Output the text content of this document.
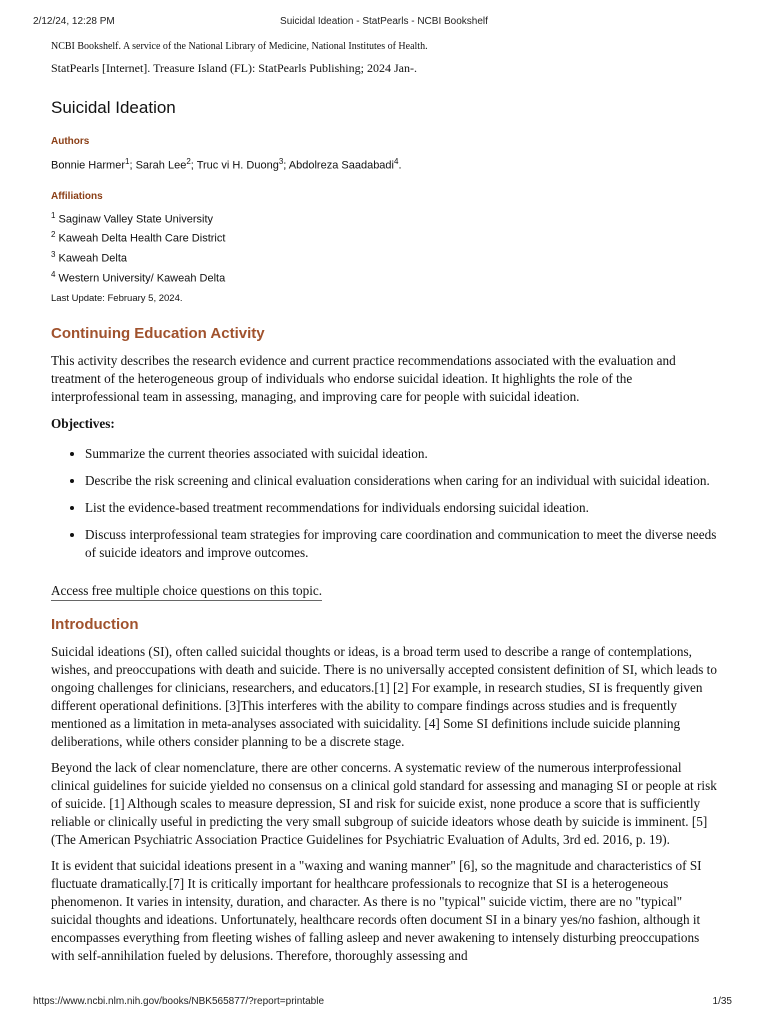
2/12/24, 12:28 PM	Suicidal Ideation - StatPearls - NCBI Bookshelf

NCBI Bookshelf. A service of the National Library of Medicine, National Institutes of Health.

StatPearls [Internet]. Treasure Island (FL): StatPearls Publishing; 2024 Jan-.

Suicidal Ideation

Authors

Bonnie Harmer$^1$; Sarah Lee$^2$; Truc vi H. Duong$^3$; Abdolreza Saadabadi$^4$.

Affiliations

$^1$ Saginaw Valley State University

$^2$ Kaweah Delta Health Care District

$^3$ Kaweah Delta

$^4$ Western University/ Kaweah Delta

Last Update: February 5, 2024.

Continuing Education Activity

This activity describes the research evidence and current practice recommendations associated with the evaluation and treatment of the heterogeneous group of individuals who endorse suicidal ideation. It highlights the role of the interprofessional team in assessing, managing, and improving care for people with suicidal ideation.

Objectives:

• Summarize the current theories associated with suicidal ideation.
• Describe the risk screening and clinical evaluation considerations when caring for an individual with suicidal ideation.
• List the evidence-based treatment recommendations for individuals endorsing suicidal ideation.
• Discuss interprofessional team strategies for improving care coordination and communication to meet the diverse needs of suicide ideators and improve outcomes.
Access free multiple choice questions on this topic.
Introduction

Suicidal ideations (SI), often called suicidal thoughts or ideas, is a broad term used to describe a range of contemplations, wishes, and preoccupations with death and suicide. There is no universally accepted consistent definition of SI, which leads to ongoing challenges for clinicians, researchers, and educators.[1] [2] For example, in research studies, SI is frequently given different operational definitions. [3]This interferes with the ability to compare findings across studies and is frequently mentioned as a limitation in meta-analyses associated with suicidality. [4] Some SI definitions include suicide planning deliberations, while others consider planning to be a discrete stage.

Beyond the lack of clear nomenclature, there are other concerns. A systematic review of the numerous interprofessional clinical guidelines for suicide yielded no consensus on a clinical gold standard for assessing and managing SI or people at risk of suicide. [1] Although scales to measure depression, SI and risk for suicide exist, none produce a score that is sufficiently reliable or clinically useful in predicting the very small subgroup of suicide ideators whose death by suicide is imminent. [5](The American Psychiatric Association Practice Guidelines for Psychiatric Evaluation of Adults, 3rd ed. 2016, p. 19).

It is evident that suicidal ideations present in a "waxing and waning manner" [6], so the magnitude and characteristics of SI fluctuate dramatically.[7] It is critically important for healthcare professionals to recognize that SI is a heterogeneous phenomenon. It varies in intensity, duration, and character. As there is no "typical" suicide victim, there are no "typical" suicidal thoughts and ideations. Unfortunately, healthcare records often document SI in a binary yes/no fashion, although it encompasses everything from fleeting wishes of falling asleep and never awakening to intensely disturbing preoccupations with self-annihilation fueled by delusions. Therefore, thoroughly assessing and

https://www.ncbi.nlm.nih.gov/books/NBK565877/?report=printable	1/35
